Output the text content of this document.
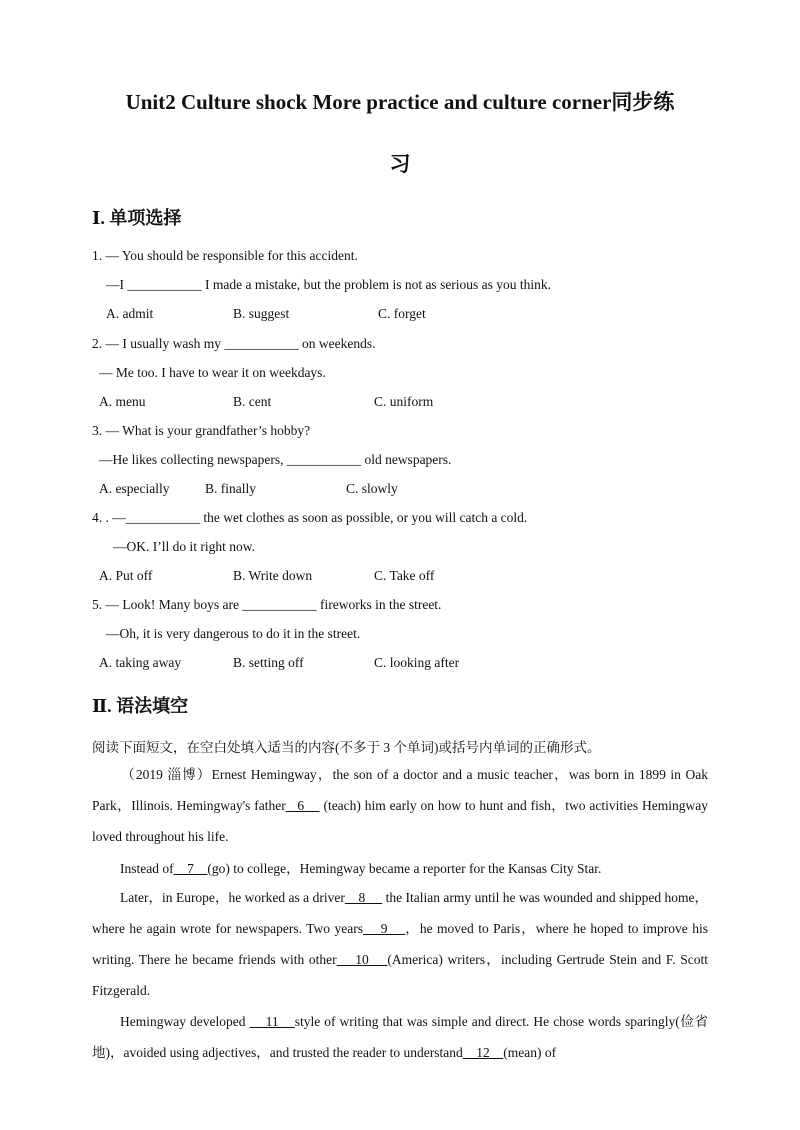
Unit2 Culture shock More practice and culture corner同步练
习
Ⅰ. 单项选择
1. — You should be responsible for this accident.
—I ___________ I made a mistake, but the problem is not as serious as you think.
A. admit	B. suggest	C. forget
2. — I usually wash my ___________ on weekends.
— Me too. I have to wear it on weekdays.
A. menu	B. cent	C. uniform
3. — What is your grandfather’s hobby?
—He likes collecting newspapers, ___________ old newspapers.
A. especially	B. finally	C. slowly
4. . —___________ the wet clothes as soon as possible, or you will catch a cold.
—OK. I’ll do it right now.
A. Put off	B. Write down	C. Take off
5. — Look! Many boys are ___________ fireworks in the street.
—Oh, it is very dangerous to do it in the street.
A. taking away	B. setting off	C. looking after
Ⅱ. 语法填空
阅读下面短文，在空白处填入适当的内容(不多于 3 个单词)或括号内单词的正确形式。
（2019 淄博）Ernest Hemingway，the son of a doctor and a music teacher，was born in 1899 in Oak Park，Illinois. Hemingway's father   6     (teach) him early on how to hunt and fish，two activities Hemingway loved throughout his life.
Instead of    7    (go) to college，Hemingway became a reporter for the Kansas City Star.
Later，in Europe，he worked as a driver    8      the Italian army until he was wounded and shipped home，where he again wrote for newspapers. Two years    9    ，he moved to Paris，where he hoped to improve his writing. There he became friends with other    10    (America) writers，including Gertrude Stein and F. Scott Fitzgerald.
Hemingway developed     11    style of writing that was simple and direct. He chose words sparingly(俭省地)，avoided using adjectives，and trusted the reader to understand    12    (mean) of
